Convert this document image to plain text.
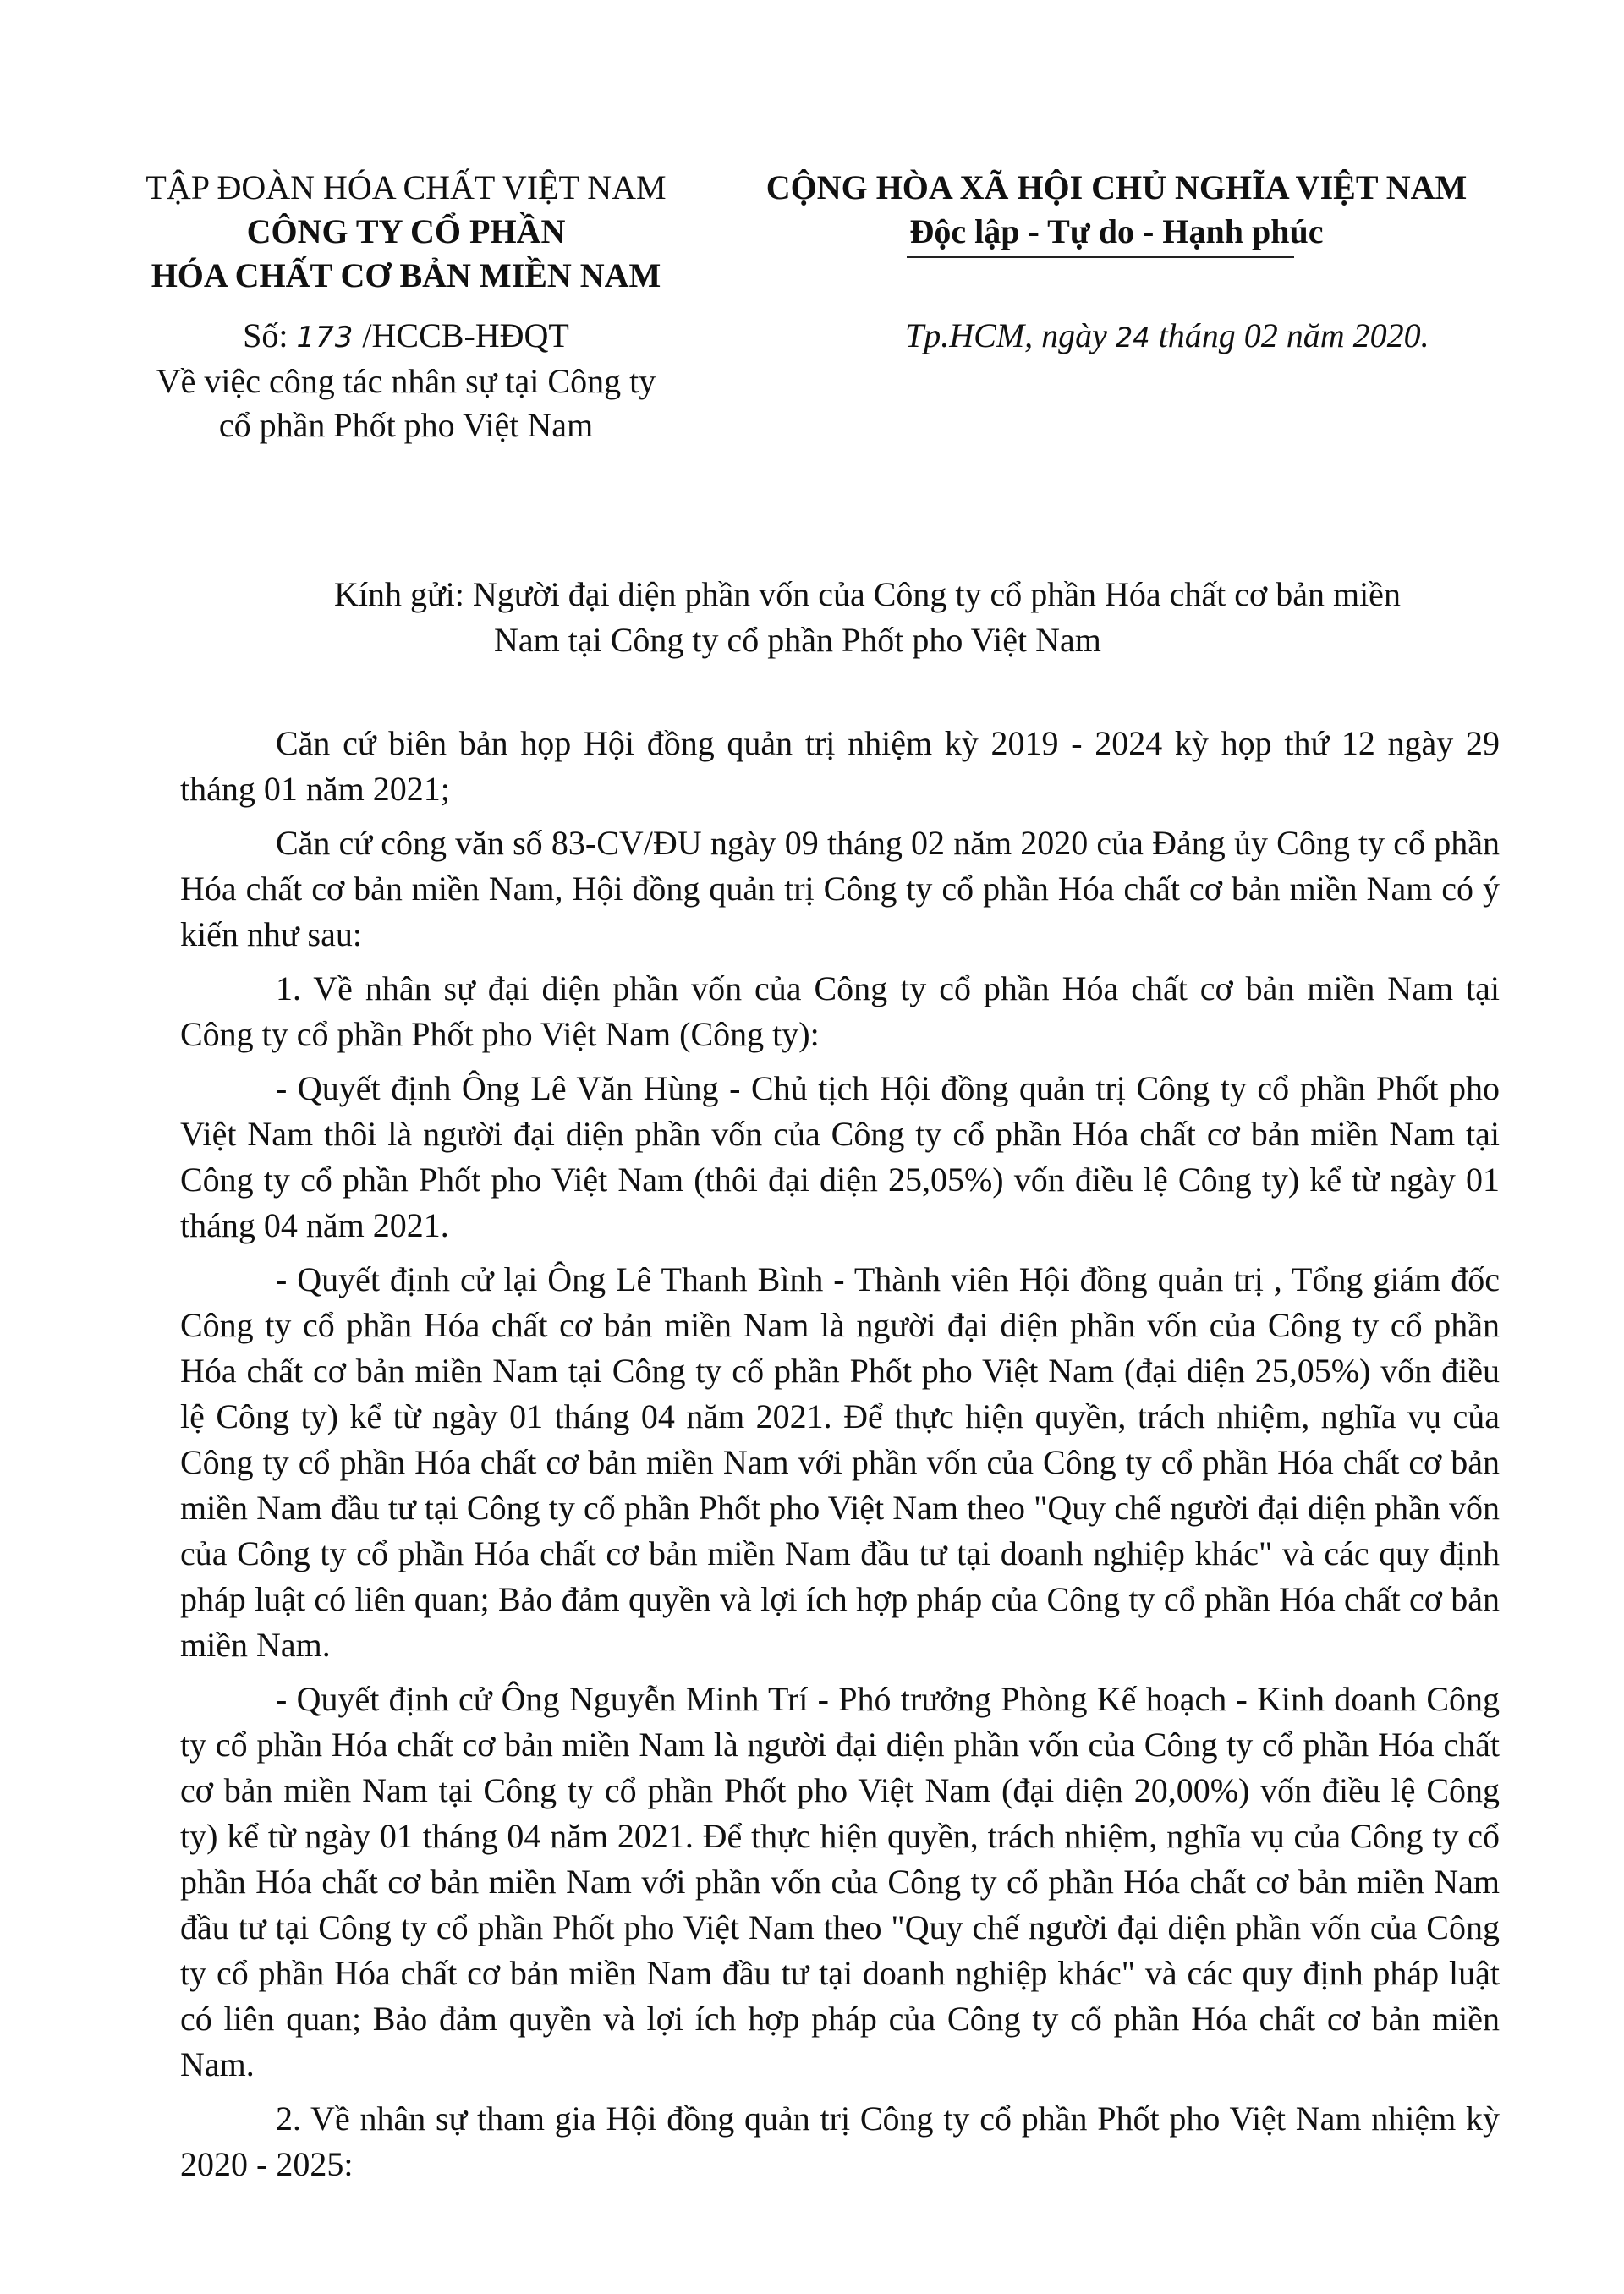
TẬP ĐOÀN HÓA CHẤT VIỆT NAM
CÔNG TY CỔ PHẦN
HÓA CHẤT CƠ BẢN MIỀN NAM
CỘNG HÒA XÃ HỘI CHỦ NGHĨA VIỆT NAM
Độc lập - Tự do - Hạnh phúc
Số: 173 /HCCB-HĐQT
Về việc công tác nhân sự tại Công ty
cổ phần Phốt pho Việt Nam
Tp.HCM, ngày 24 tháng 02 năm 2020.
Kính gửi: Người đại diện phần vốn của Công ty cổ phần Hóa chất cơ bản miền
Nam tại Công ty cổ phần Phốt pho Việt Nam

Căn cứ biên bản họp Hội đồng quản trị nhiệm kỳ 2019 - 2024 kỳ họp thứ 12 ngày 29 tháng 01 năm 2021;

Căn cứ công văn số 83-CV/ĐU ngày 09 tháng 02 năm 2020 của Đảng ủy Công ty cổ phần Hóa chất cơ bản miền Nam, Hội đồng quản trị Công ty cổ phần Hóa chất cơ bản miền Nam có ý kiến như sau:

1. Về nhân sự đại diện phần vốn của Công ty cổ phần Hóa chất cơ bản miền Nam tại Công ty cổ phần Phốt pho Việt Nam (Công ty):

- Quyết định Ông Lê Văn Hùng - Chủ tịch Hội đồng quản trị Công ty cổ phần Phốt pho Việt Nam thôi là người đại diện phần vốn của Công ty cổ phần Hóa chất cơ bản miền Nam tại Công ty cổ phần Phốt pho Việt Nam (thôi đại diện 25,05%) vốn điều lệ Công ty) kể từ ngày 01 tháng 04 năm 2021.

- Quyết định cử lại Ông Lê Thanh Bình - Thành viên Hội đồng quản trị , Tổng giám đốc Công ty cổ phần Hóa chất cơ bản miền Nam là người đại diện phần vốn của Công ty cổ phần Hóa chất cơ bản miền Nam tại Công ty cổ phần Phốt pho Việt Nam (đại diện 25,05%) vốn điều lệ Công ty) kể từ ngày 01 tháng 04 năm 2021. Để thực hiện quyền, trách nhiệm, nghĩa vụ của Công ty cổ phần Hóa chất cơ bản miền Nam với phần vốn của Công ty cổ phần Hóa chất cơ bản miền Nam đầu tư tại Công ty cổ phần Phốt pho Việt Nam theo "Quy chế người đại diện phần vốn của Công ty cổ phần Hóa chất cơ bản miền Nam đầu tư tại doanh nghiệp khác" và các quy định pháp luật có liên quan; Bảo đảm quyền và lợi ích hợp pháp của Công ty cổ phần Hóa chất cơ bản miền Nam.

- Quyết định cử Ông Nguyễn Minh Trí - Phó trưởng Phòng Kế hoạch - Kinh doanh Công ty cổ phần Hóa chất cơ bản miền Nam là người đại diện phần vốn của Công ty cổ phần Hóa chất cơ bản miền Nam tại Công ty cổ phần Phốt pho Việt Nam (đại diện 20,00%) vốn điều lệ Công ty) kể từ ngày 01 tháng 04 năm 2021. Để thực hiện quyền, trách nhiệm, nghĩa vụ của Công ty cổ phần Hóa chất cơ bản miền Nam với phần vốn của Công ty cổ phần Hóa chất cơ bản miền Nam đầu tư tại Công ty cổ phần Phốt pho Việt Nam theo "Quy chế người đại diện phần vốn của Công ty cổ phần Hóa chất cơ bản miền Nam đầu tư tại doanh nghiệp khác" và các quy định pháp luật có liên quan; Bảo đảm quyền và lợi ích hợp pháp của Công ty cổ phần Hóa chất cơ bản miền Nam.

2. Về nhân sự tham gia Hội đồng quản trị Công ty cổ phần Phốt pho Việt Nam nhiệm kỳ 2020 - 2025:
